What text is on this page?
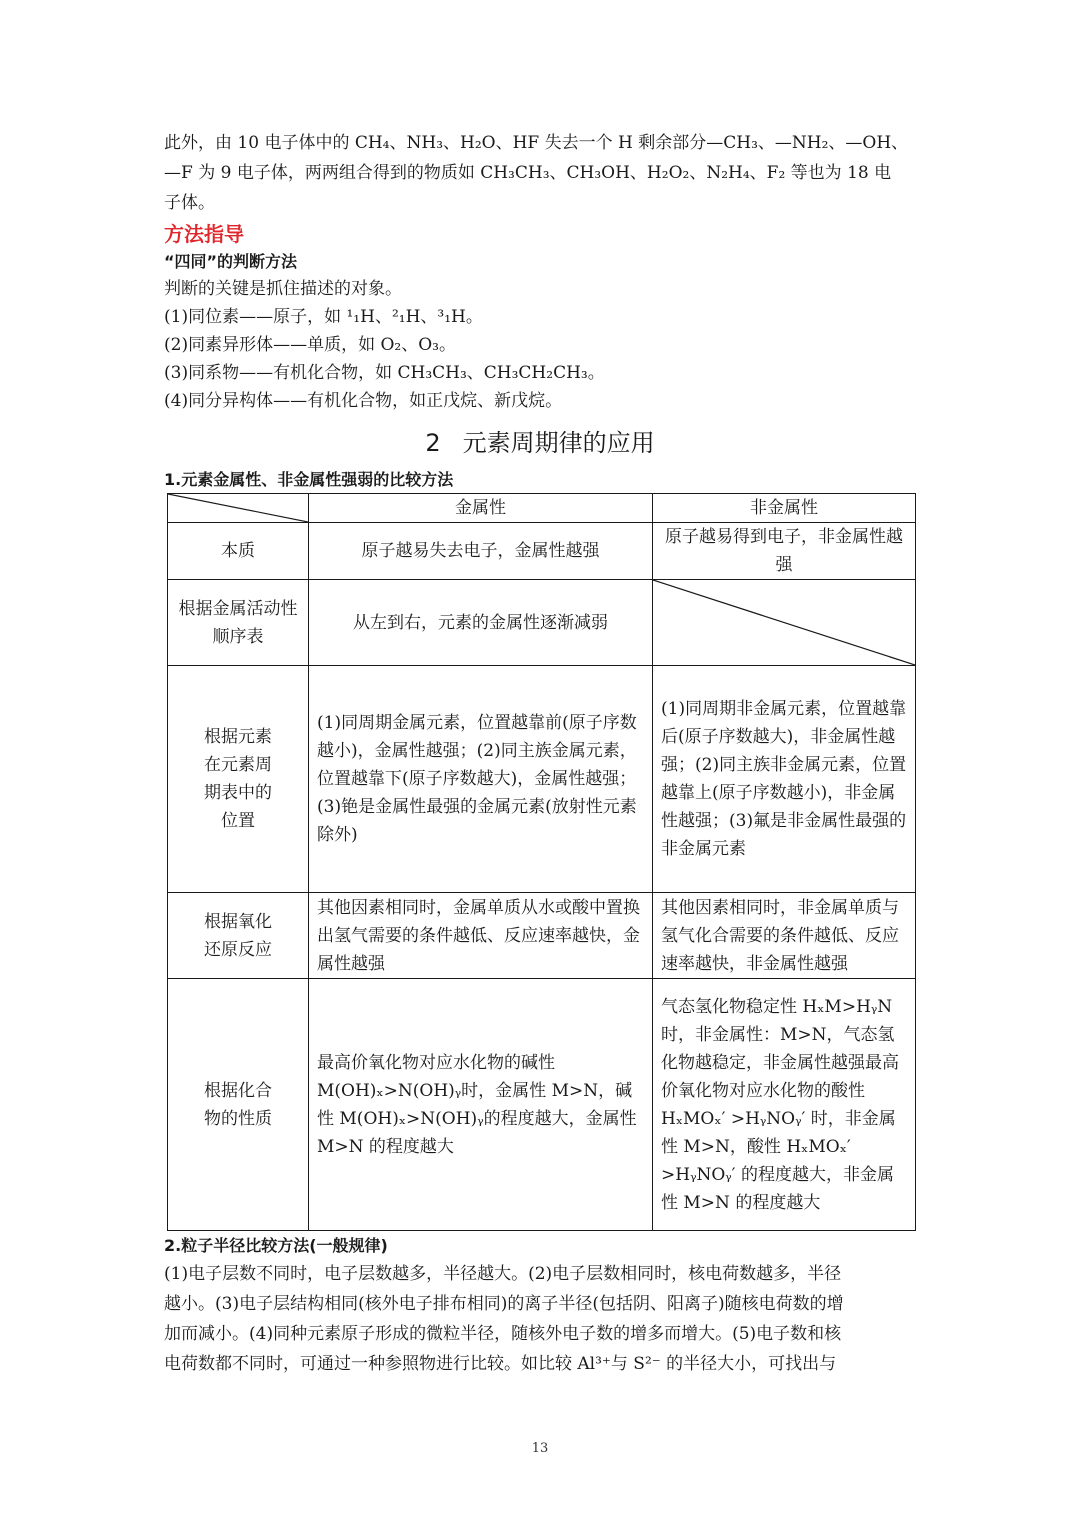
此外，由 10 电子体中的 CH₄、NH₃、H₂O、HF 失去一个 H 剩余部分—CH₃、—NH₂、—OH、

—F 为 9 电子体，两两组合得到的物质如 CH₃CH₃、CH₃OH、H₂O₂、N₂H₄、F₂ 等也为 18 电

子体。

方法指导

“四同”的判断方法

判断的关键是抓住描述的对象。

(1)同位素——原子，如 ¹₁H、²₁H、³₁H。

(2)同素异形体——单质，如 O₂、O₃。

(3)同系物——有机化合物，如 CH₃CH₃、CH₃CH₂CH₃。

(4)同分异构体——有机化合物，如正戊烷、新戊烷。

2 元素周期律的应用

1.元素金属性、非金属性强弱的比较方法

	金属性	非金属性
本质	原子越易失去电子，金属性越强	原子越易得到电子，非金属性越强
根据金属活动性顺序表	从左到右，元素的金属性逐渐减弱	

根据元素在元素周期表中的位置	(1)同周期金属元素，位置越靠前(原子序数越小)，金属性越强；(2)同主族金属元素，位置越靠下(原子序数越大)，金属性越强；(3)铯是金属性最强的金属元素(放射性元素除外)	(1)同周期非金属元素，位置越靠后(原子序数越大)，非金属性越强；(2)同主族非金属元素，位置越靠上(原子序数越小)，非金属性越强；(3)氟是非金属性最强的非金属元素
根据氧化还原反应	其他因素相同时，金属单质从水或酸中置换出氢气需要的条件越低、反应速率越快，金属性越强	其他因素相同时，非金属单质与氢气化合需要的条件越低、反应速率越快，非金属性越强
根据化合物的性质	最高价氧化物对应水化物的碱性 M(OH)ₓ>N(OH)ᵧ时，金属性 M>N，碱性 M(OH)ₓ>N(OH)ᵧ的程度越大，金属性 M>N 的程度越大	气态氢化物稳定性 HₓM>HᵧN 时，非金属性：M>N，气态氢化物越稳定，非金属性越强最高价氧化物对应水化物的酸性 HₓMOₓ′ >HᵧNOᵧ′ 时，非金属性 M>N，酸性 HₓMOₓ′ >HᵧNOᵧ′ 的程度越大，非金属性 M>N 的程度越大

2.粒子半径比较方法(一般规律)

(1)电子层数不同时，电子层数越多，半径越大。(2)电子层数相同时，核电荷数越多，半径

越小。(3)电子层结构相同(核外电子排布相同)的离子半径(包括阴、阳离子)随核电荷数的增

加而减小。(4)同种元素原子形成的微粒半径，随核外电子数的增多而增大。(5)电子数和核

电荷数都不同时，可通过一种参照物进行比较。如比较 Al³⁺与 S²⁻ 的半径大小，可找出与

13
